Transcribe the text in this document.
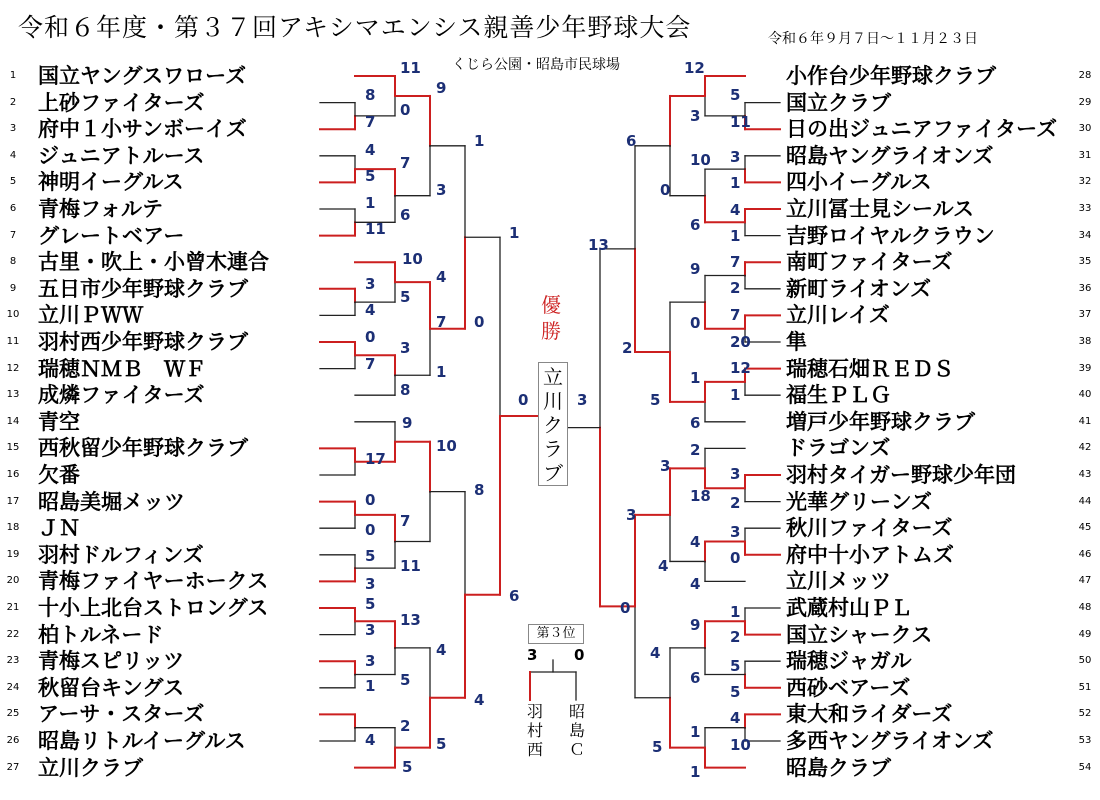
令和６年度・第３７回アキシマエンシス親善少年野球大会	令和６年９月７日～１１月２３日
くじら公園・昭島市民球場
1	国立ヤングスワローズ
2	上砂ファイターズ
3	府中１小サンボーイズ
4	ジュニアトルース
5	神明イーグルス
6	青梅フォルテ
7	グレートベアー
8	古里・吹上・小曾木連合
9	五日市少年野球クラブ
10 立川ＰＷＷ
11 羽村西少年野球クラブ
12 瑞穂ＮＭＢ　ＷＦ
13 成燐ファイターズ
14 青空
15 西秋留少年野球クラブ
16 欠番
17 昭島美堀メッツ
18 ＪＮ
19 羽村ドルフィンズ
20 青梅ファイヤーホークス
21 十小上北台ストロングス
22 柏トルネード
23 青梅スピリッツ
24 秋留台キングス
25 アーサ・スターズ
26 昭島リトルイーグルス
27 立川クラブ
28
小作台少年野球クラブ
29
国立クラブ
30
日の出ジュニアファイターズ
31
昭島ヤングライオンズ
32
四小イーグルス
33
立川冨士見シールス
34
吉野ロイヤルクラウン
35
南町ファイターズ
36
新町ライオンズ
37
立川レイズ
38
隼
39
瑞穂石畑ＲＥＤＳ
40
福生ＰＬＧ
41
増戸少年野球クラブ
42
ドラゴンズ
43
羽村タイガー野球少年団
44
光華グリーンズ
45
秋川ファイターズ
46
府中十小アトムズ
47
立川メッツ
48
武蔵村山ＰＬ
49
国立シャークス
50
瑞穂ジャガル
51
西砂ベアーズ
52
東大和ライダーズ
53
多西ヤングライオンズ
54
昭島クラブ
11
8
0
7
9
4
5
7
3
1
11
6
1
10
4
5
3
4
7
3
0
7	1
8
0
1
10
9
17
0
7
0
5
11
3
8
5
3
13
4
3
5
1
2
4
5
4
5
6
0	3
13
6
0
10
12
3
5
11
3
1
4
1
6
9 7
2
0 7
20
1
12
1
5
6
2
3
3
2
3
2
18
3
0
4
4
4
0
9
1
2
6
5
5
1
4
10
4
5
1
優勝
立川クラブ
第３位
3 0
羽村西
昭島Ｃ
